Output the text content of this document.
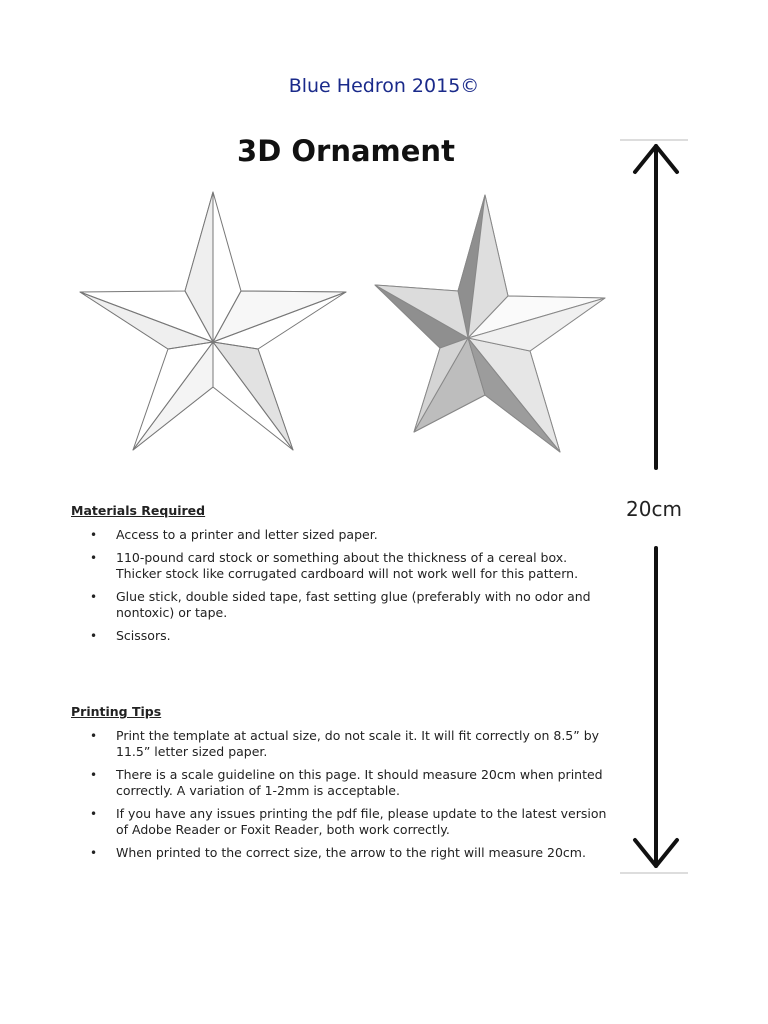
Blue Hedron 2015©
3D Ornament
20cm
Materials Required
• Access to a printer and letter sized paper.
• 110-pound card stock or something about the thickness of a cereal box. Thicker stock like corrugated cardboard will not work well for this pattern.
• Glue stick, double sided tape, fast setting glue (preferably with no odor and nontoxic) or tape.
• Scissors.
Printing Tips
• Print the template at actual size, do not scale it. It will fit correctly on 8.5” by 11.5” letter sized paper.
• There is a scale guideline on this page. It should measure 20cm when printed correctly. A variation of 1-2mm is acceptable.
• If you have any issues printing the pdf file, please update to the latest version of Adobe Reader or Foxit Reader, both work correctly.
• When printed to the correct size, the arrow to the right will measure 20cm.
